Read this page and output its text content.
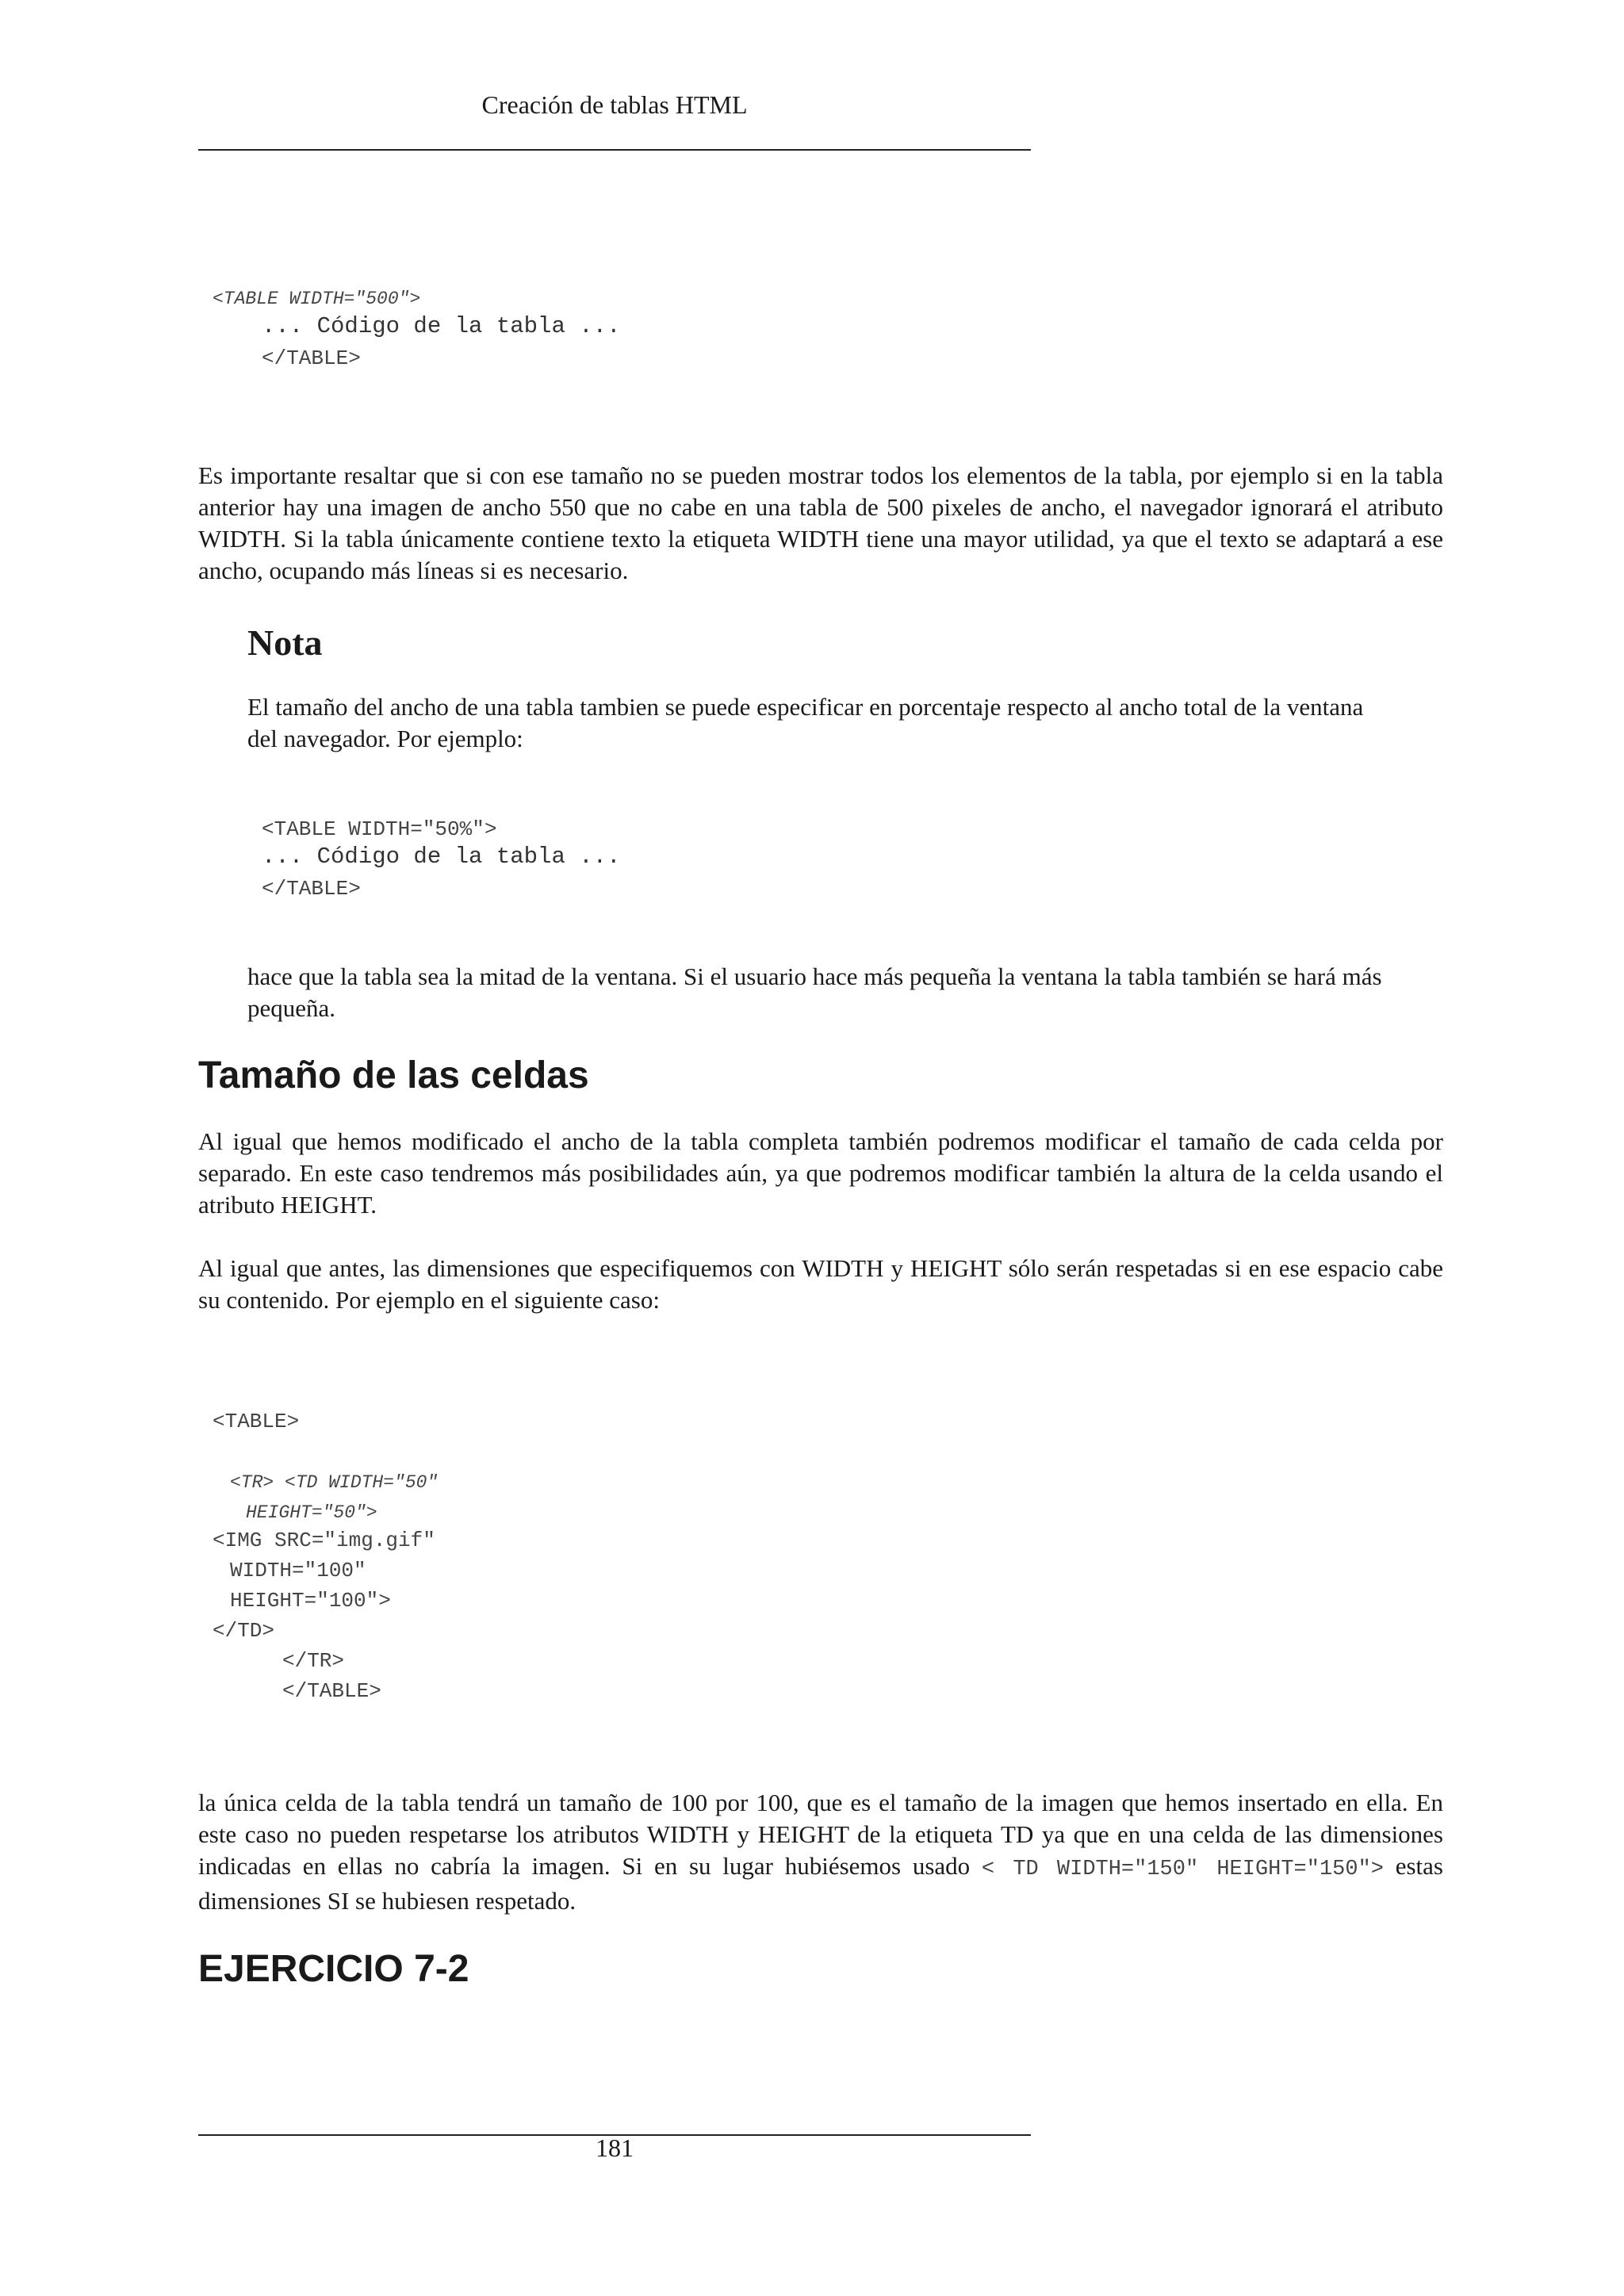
Creación de tablas HTML
<TABLE WIDTH="500">
... Código de la tabla ...
</TABLE>

Es importante resaltar que si con ese tamaño no se pueden mostrar todos los elementos de la tabla, por ejemplo si en la tabla anterior hay una imagen de ancho 550 que no cabe en una tabla de 500 pixeles de ancho, el navegador ignorará el atributo WIDTH. Si la tabla únicamente contiene texto la etiqueta WIDTH tiene una mayor utilidad, ya que el texto se adaptará a ese ancho, ocupando más líneas si es necesario.

Nota

El tamaño del ancho de una tabla tambien se puede especificar en porcentaje respecto al ancho total de la ventana del navegador. Por ejemplo:

<TABLE WIDTH="50%">
... Código de la tabla ...
</TABLE>

hace que la tabla sea la mitad de la ventana. Si el usuario hace más pequeña la ventana la tabla también se hará más pequeña.

Tamaño de las celdas

Al igual que hemos modificado el ancho de la tabla completa también podremos modificar el tamaño de cada celda por separado. En este caso tendremos más posibilidades aún, ya que podremos modificar también la altura de la celda usando el atributo HEIGHT.

Al igual que antes, las dimensiones que especifiquemos con WIDTH y HEIGHT sólo serán respetadas si en ese espacio cabe su contenido. Por ejemplo en el siguiente caso:

<TABLE>
<TR> <TD WIDTH="50"
HEIGHT="50">
<IMG SRC="img.gif"
WIDTH="100"
HEIGHT="100">
</TD>
</TR>
</TABLE>

la única celda de la tabla tendrá un tamaño de 100 por 100, que es el tamaño de la imagen que hemos insertado en ella. En este caso no pueden respetarse los atributos WIDTH y HEIGHT de la etiqueta TD ya que en una celda de las dimensiones indicadas en ellas no cabría la imagen. Si en su lugar hubiésemos usado < TD WIDTH="150" HEIGHT="150"> estas dimensiones SI se hubiesen respetado.

EJERCICIO 7-2
181
